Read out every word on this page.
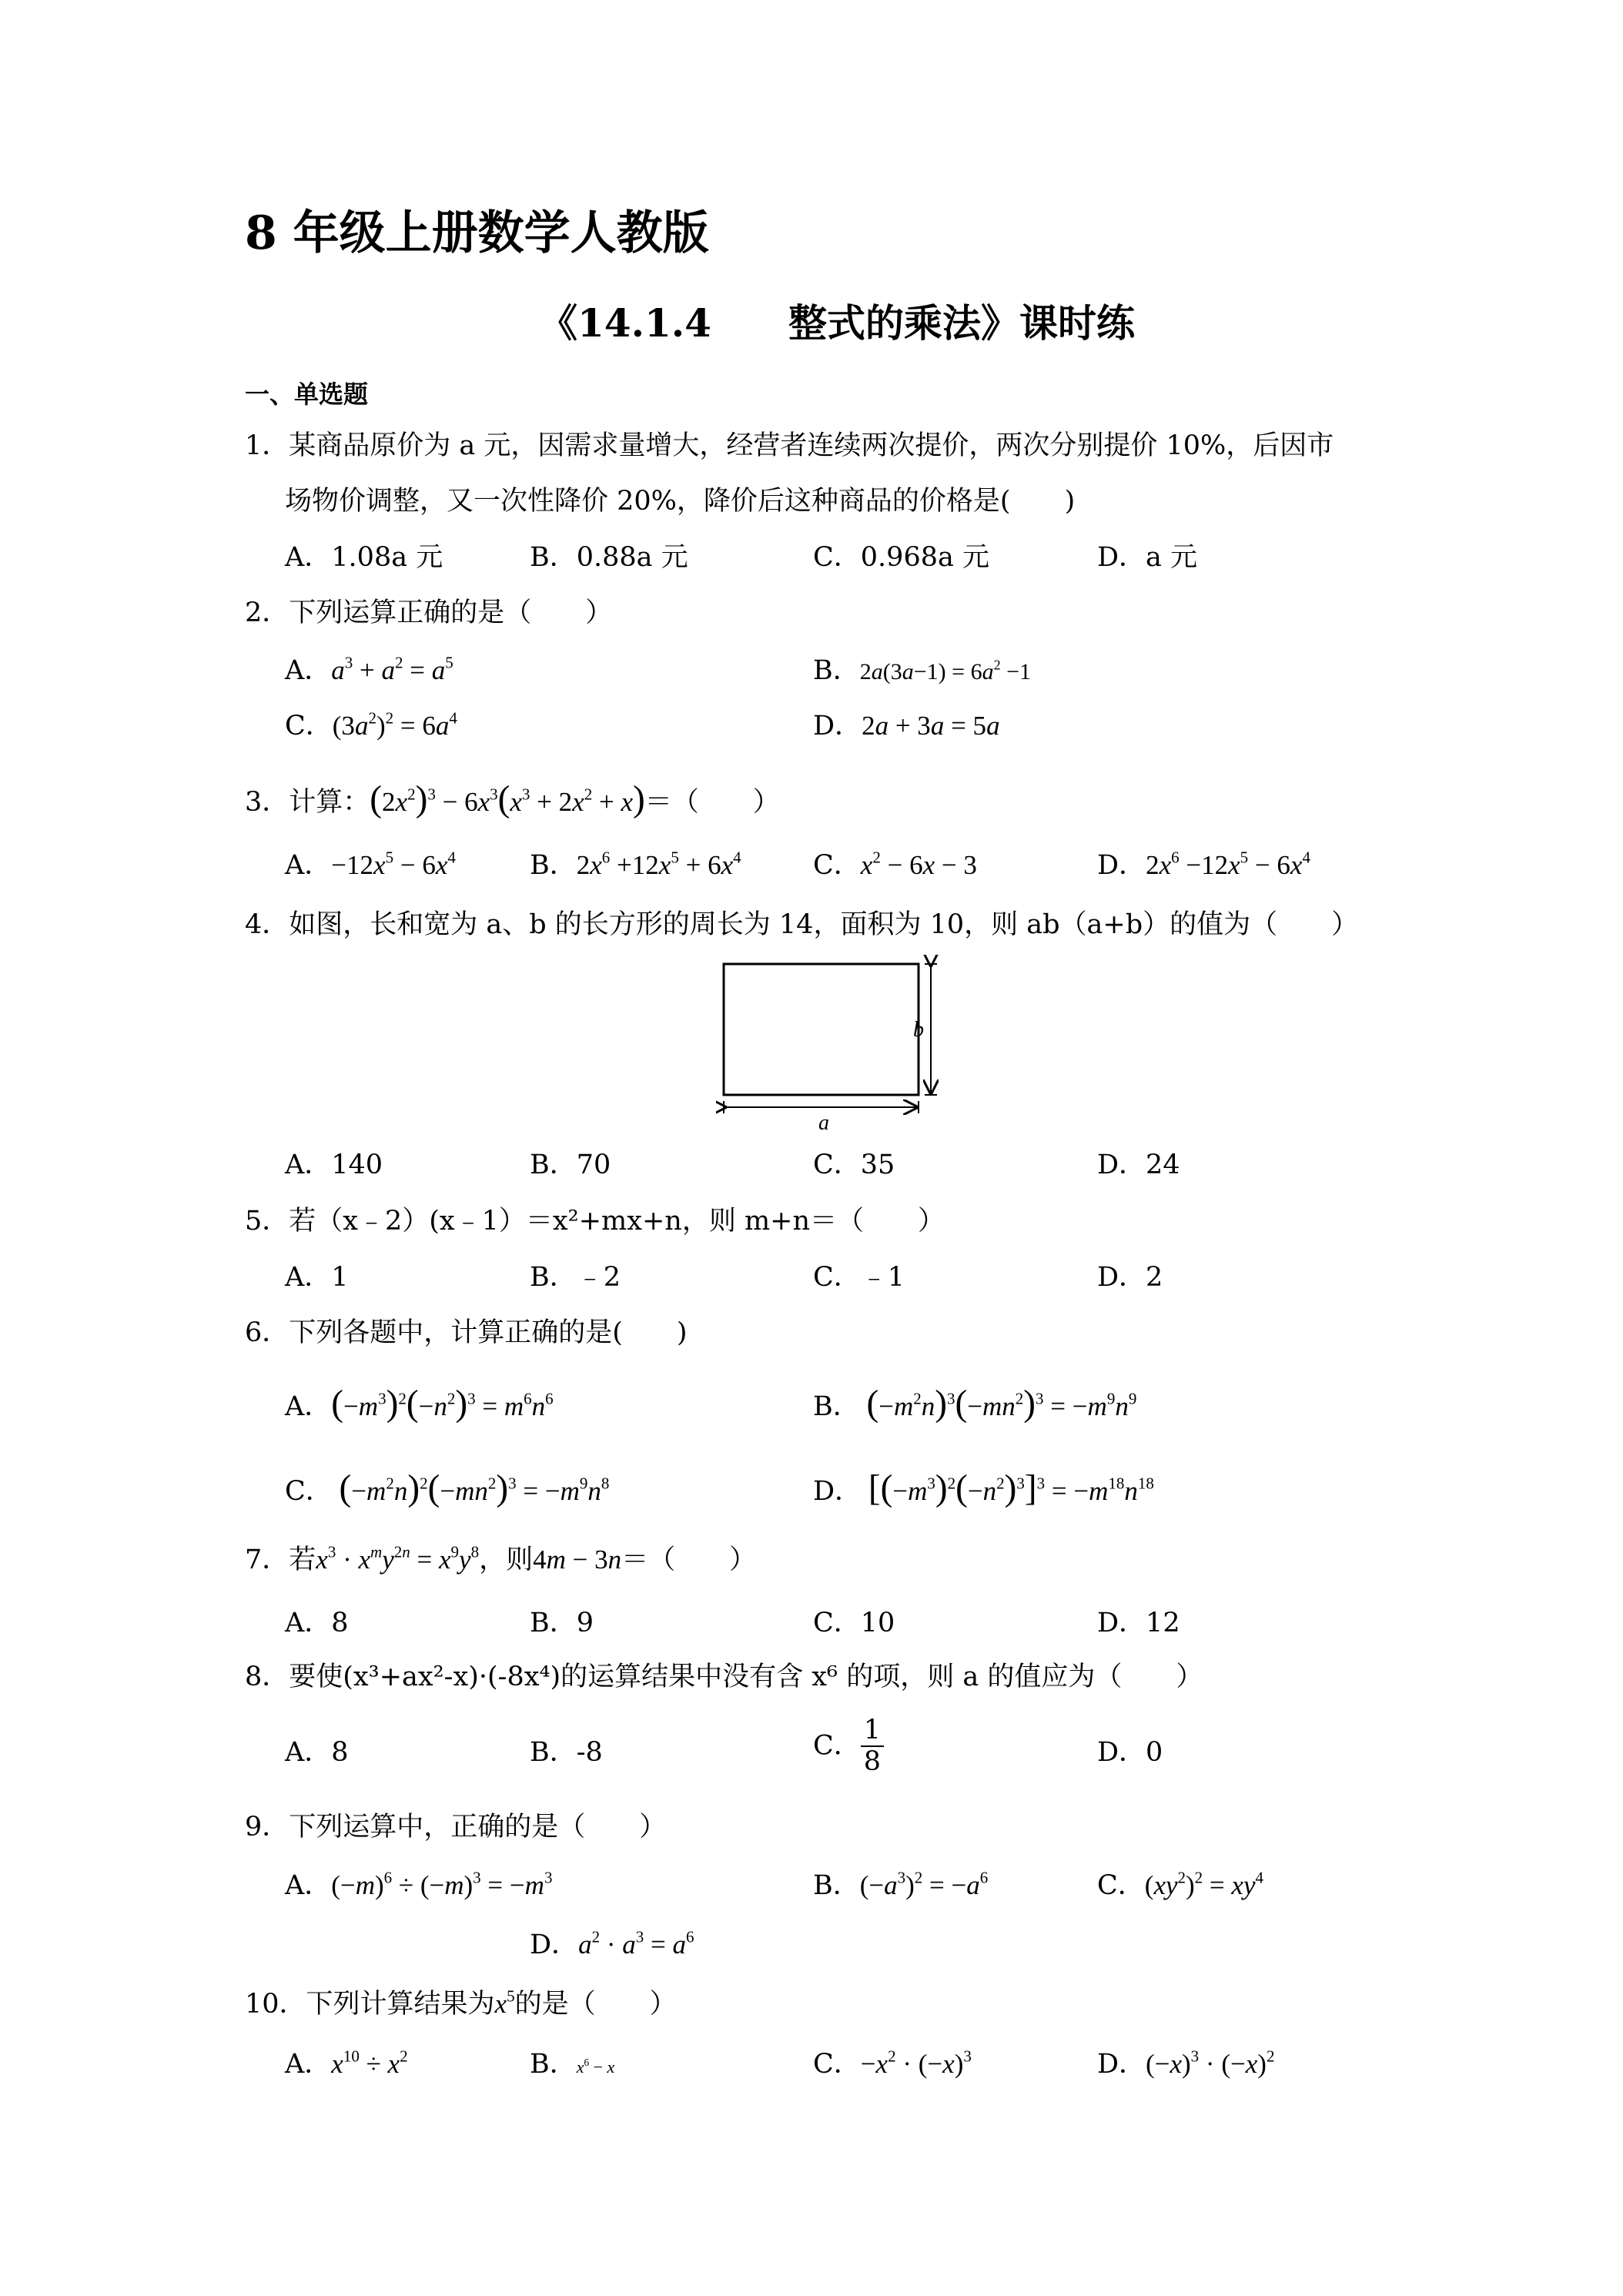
8 年级上册数学人教版
《14.1.4　　整式的乘法》课时练
一、单选题
1．某商品原价为 a 元，因需求量增大，经营者连续两次提价，两次分别提价 10%，后因市
场物价调整，又一次性降价 20%，降价后这种商品的价格是(　　)
A．1.08a 元	B．0.88a 元	C．0.968a 元	D．a 元
2．下列运算正确的是（　　）
A．$a^3 + a^2 = a^5$	B．$2a(3a-1) = 6a^2 -1$
C．$(3a^2)^2 = 6a^4$	D．2a + 3a = 5a
3．计算：$(2x^2)^3 - 6x^3(x^3 + 2x^2 + x)=$（　　）
A．$-12x^5 - 6x^4$	B．$2x^6 +12x^5 + 6x^4$	C．$x^2 - 6x - 3$	D．$2x^6 -12x^5 - 6x^4$
4．如图，长和宽为 a、b 的长方形的周长为 14，面积为 10，则 ab（a+b）的值为（　　）
a
b
A．140	B．70	C．35	D．24
5．若（x﹣2）(x﹣1）＝x²+mx+n，则 m+n＝（　　）
A．1	B．﹣2	C．﹣1	D．2
6．下列各题中，计算正确的是(　　)
A．$(-m^3)^2(-n^2)^3 = m^6n^6$	B． $(-m^2n)^3(-mn^2)^3 = -m^9n^9$
C． $(-m^2n)^2(-mn^2)^3 = -m^9n^8$	D． $[(-m^3)^2(-n^2)^3]^3 = -m^{18}n^{18}$
7．若$x^3 \cdot x^my^{2n} = x^9y^8$，则4m − 3n＝（　　）
A．8	B．9	C．10	D．12
8．要使(x³+ax²-x)·(-8x⁴)的运算结果中没有含 x⁶ 的项，则 a 的值应为（　　）
A．8	B．-8	C． $\frac{1}{8}$	D．0
9．下列运算中，正确的是（　　）
A．$(-m)^6 \div (-m)^3 = -m^3$	B．$(-a^3)^2 = -a^6$	C．$(xy^2)^2 = xy^4$
D．$a^2 \cdot a^3 = a^6$
10．下列计算结果为$x^5$的是（　　）
A．$x^{10} \div x^2$	B．$x^6 - x$	C．$-x^2 \cdot (-x)^3$	D．$(-x)^3 \cdot (-x)^2$
